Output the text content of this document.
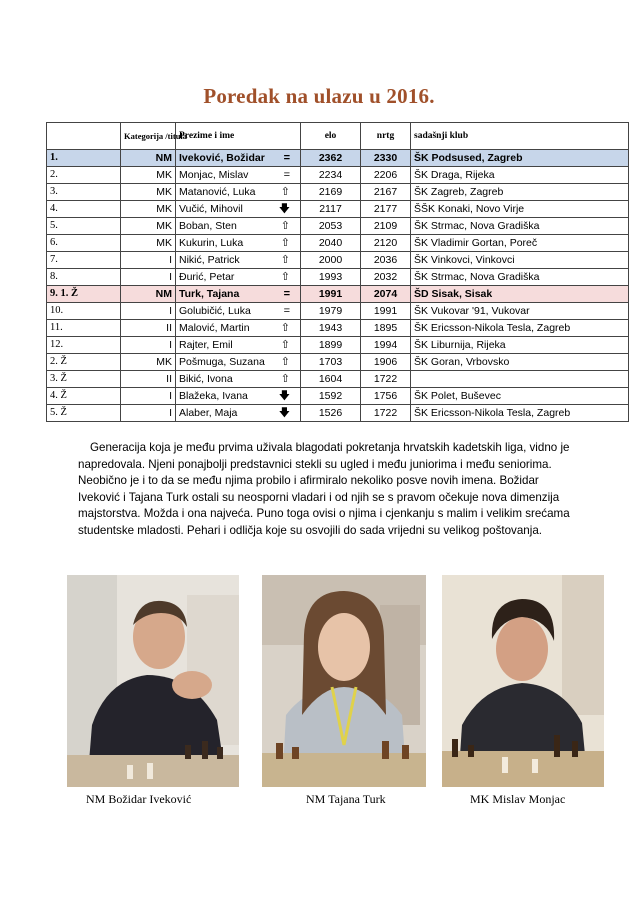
Poredak na ulazu u 2016.
	Kategorija /titula	Prezime i ime	elo	nrtg	sadašnji klub
1.	NM	Iveković, Božidar =	2362	2330	ŠK Podsused, Zagreb
2.	MK	Monjac, Mislav =	2234	2206	ŠK Draga, Rijeka
3.	MK	Matanović, Luka ⇧	2169	2167	ŠK Zagreb, Zagreb
4.	MK	Vučić, Mihovil 🡇	2117	2177	ŠŠK Konaki, Novo Virje
5.	MK	Boban, Sten ⇧	2053	2109	ŠK Strmac, Nova Gradiška
6.	MK	Kukurin, Luka ⇧	2040	2120	ŠK Vladimir Gortan, Poreč
7.	I	Nikić, Patrick ⇧	2000	2036	ŠK Vinkovci, Vinkovci
8.	I	Đurić, Petar ⇧	1993	2032	ŠK Strmac, Nova Gradiška
9. 1. Ž	NM	Turk, Tajana =	1991	2074	ŠD Sisak, Sisak
10.	I	Golubičić, Luka =	1979	1991	ŠK Vukovar '91, Vukovar
11.	II	Malović, Martin ⇧	1943	1895	ŠK Ericsson-Nikola Tesla, Zagreb
12.	I	Rajter, Emil ⇧	1899	1994	ŠK Liburnija, Rijeka
2. Ž	MK	Pošmuga, Suzana ⇧	1703	1906	ŠK Goran, Vrbovsko
3. Ž	II	Bikić, Ivona ⇧	1604	1722	
4. Ž	I	Blažeka, Ivana 🡇	1592	1756	ŠK Polet, Buševec
5. Ž	I	Alaber, Maja 🡇	1526	1722	ŠK Ericsson-Nikola Tesla, Zagreb

Generacija koja je među prvima uživala blagodati pokretanja hrvatskih kadetskih liga, vidno je napredovala. Njeni ponajbolji predstavnici stekli su ugled i među juniorima i među seniorima. Neobično je i to da se među njima probilo i afirmiralo nekoliko posve novih imena. Božidar Iveković i Tajana Turk ostali su neosporni vladari i od njih se s pravom očekuje nova dimenzija majstorstva. Možda i ona najveća. Puno toga ovisi o njima i cjenkanju s malim i velikim srećama studentske mladosti. Pehari i odličja koje su osvojili do sada vrijedni su velikog poštovanja.

NM Božidar Iveković	NM Tajana Turk	MK Mislav Monjac
